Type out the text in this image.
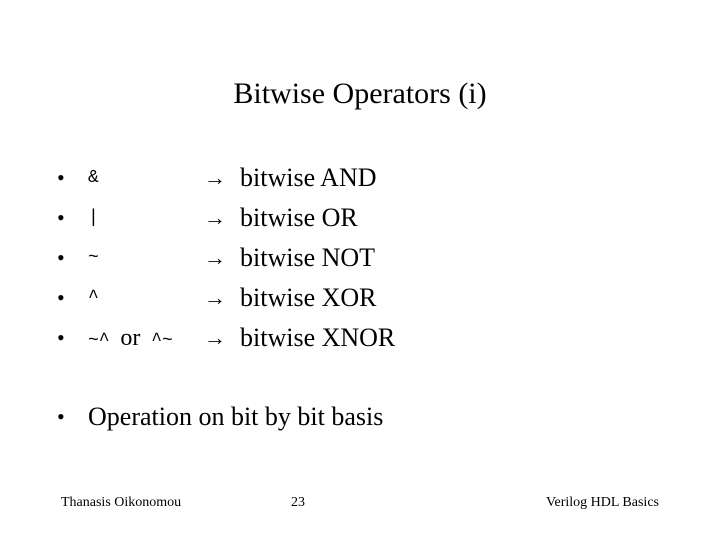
Bitwise Operators (i)
• &	→ bitwise AND
• |	→ bitwise OR
• ~	→ bitwise NOT
• ^	→ bitwise XOR
• ~^ or ^~ → bitwise XNOR
• Operation on bit by bit basis
Thanasis Oikonomou	23	Verilog HDL Basics
